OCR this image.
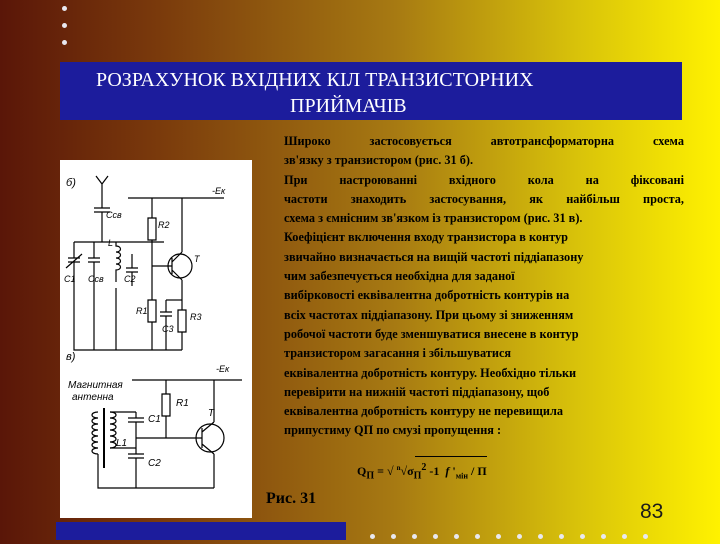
РОЗРАХУНОК ВХІДНИХ КІЛ ТРАНЗИСТОРНИХ
ПРИЙМАЧІВ
б)
Cсв
-Eк
L
C1 Cсв C2
R2
T
R1
C3
R3
в)
-Eк
Магнитная
антенна
L1
C1
C2
R1
T
Рис. 31
Широко застосовується автотрансформаторна схема
зв'язку з транзистором (рис. 31 б).
При настроюванні вхідного кола на фіксовані
частоти знаходить застосування, як найбільш проста,
схема з ємнісним зв'язком із транзистором (рис. 31 в).
Коефіцієнт включення входу транзистора в контур
звичайно визначається на вищій частоті піддіапазону
чим забезпечується необхідна для заданої
вибірковості еквівалентна добротність контурів на
всіх частотах піддіапазону. При цьому зі зниженням
робочої частоти буде зменшуватися внесене в контур
транзистором загасання і збільшуватися
еквівалентна добротність контуру. Необхідно тільки
перевірити на нижній частоті піддіапазону, щоб
еквівалентна добротність контуру не перевищила
припустиму QП по смузі пропущення :
$Q_П$ = √ $^n√\sigma_П^2$ -1  f '$_{мін}$ / П
83
